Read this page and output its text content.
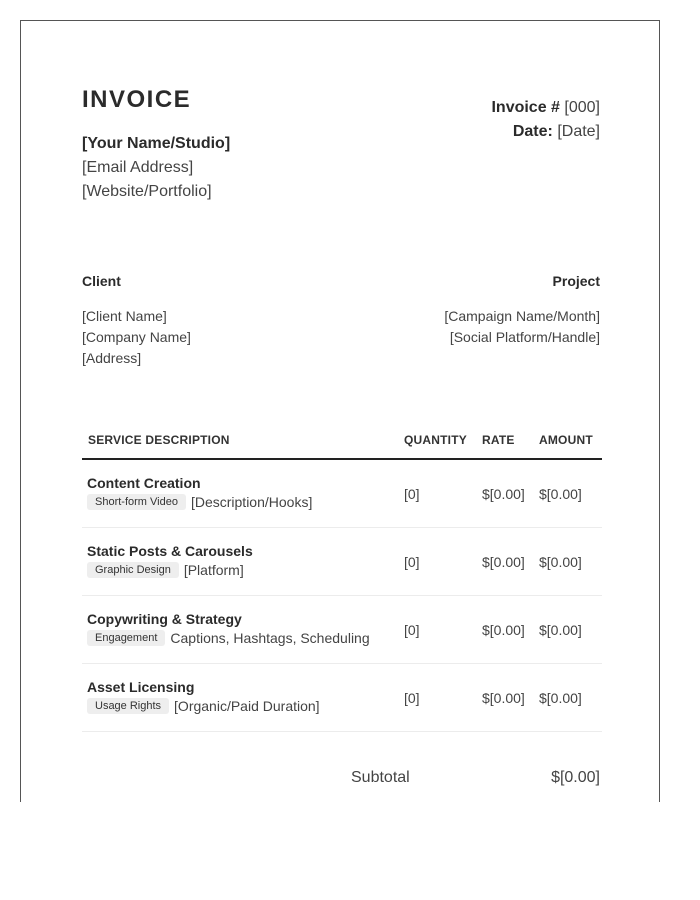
INVOICE
[Your Name/Studio]
[Email Address]
[Website/Portfolio]
Invoice # [000]
Date: [Date]
Client
[Client Name]
[Company Name]
[Address]
Project
[Campaign Name/Month]
[Social Platform/Handle]
SERVICE DESCRIPTION	QUANTITY RATE AMOUNT
Content Creation
Short-form Video [Description/Hooks]	[0]	$[0.00] $[0.00]
Static Posts & Carousels
Graphic Design [Platform]	[0]	$[0.00] $[0.00]
Copywriting & Strategy
Engagement Captions, Hashtags, Scheduling [0]	$[0.00] $[0.00]
Asset Licensing
Usage Rights [Organic/Paid Duration]	[0]	$[0.00] $[0.00]
Subtotal	$[0.00]
